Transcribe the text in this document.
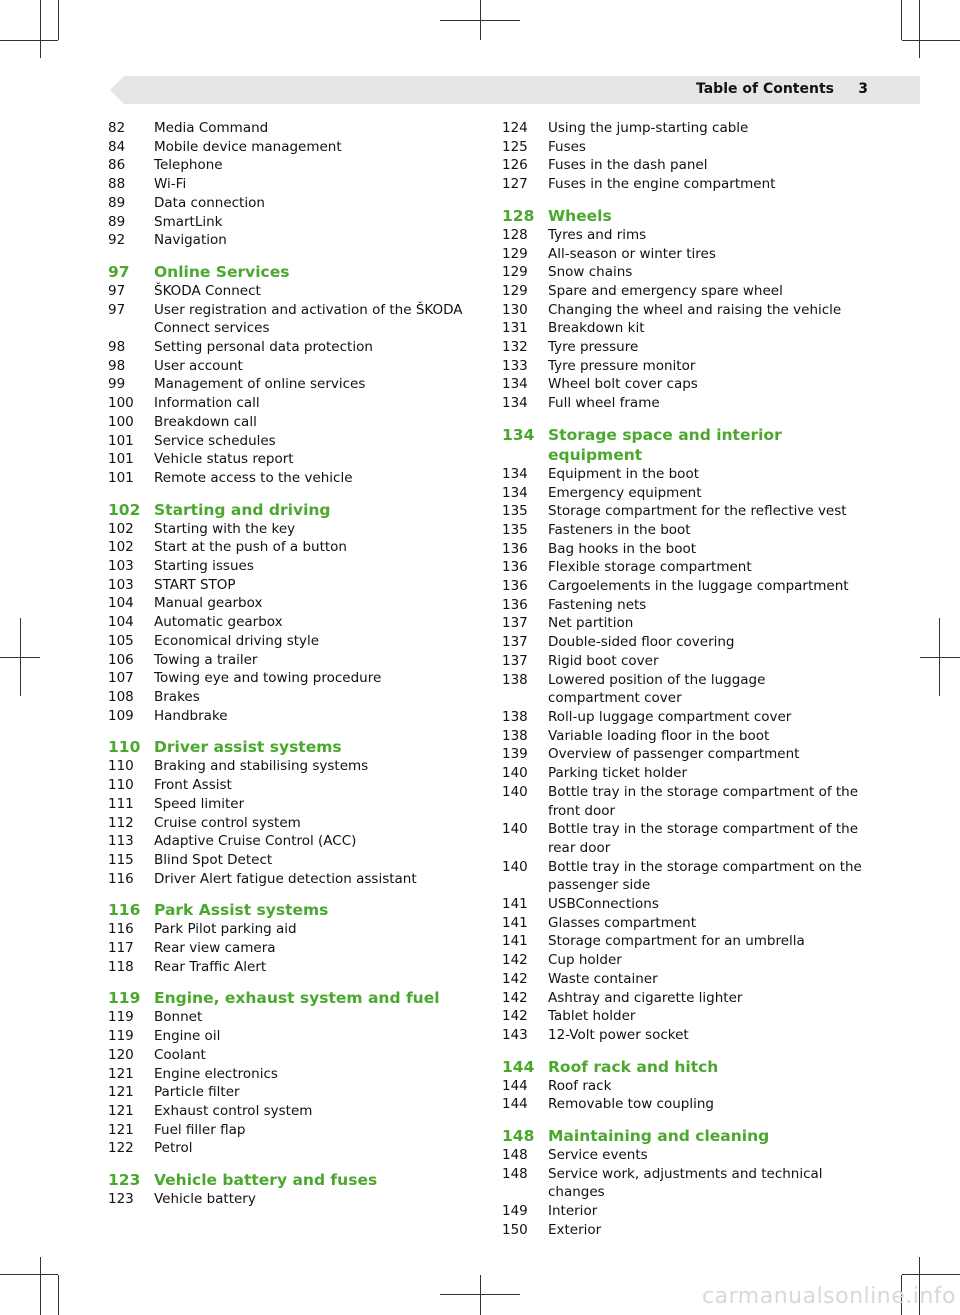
Table of Contents 3
82	Media Command
84	Mobile device management
86	Telephone
88	Wi-Fi
89	Data connection
89	SmartLink
92	Navigation
97	Online Services
97	ŠKODA Connect
97	User registration and activation of the ŠKODA
Connect services
98	Setting personal data protection
98	User account
99	Management of online services
100	Information call
100	Breakdown call
101	Service schedules
101	Vehicle status report
101	Remote access to the vehicle
102 Starting and driving
102	Starting with the key
102	Start at the push of a button
103	Starting issues
103	START STOP
104	Manual gearbox
104	Automatic gearbox
105	Economical driving style
106	Towing a trailer
107	Towing eye and towing procedure
108	Brakes
109	Handbrake
110 Driver assist systems
110	Braking and stabilising systems
110	Front Assist
111	Speed limiter
112	Cruise control system
113	Adaptive Cruise Control (ACC)
115	Blind Spot Detect
116	Driver Alert fatigue detection assistant
116 Park Assist systems
116	Park Pilot parking aid
117	Rear view camera
118	Rear Traffic Alert
119 Engine, exhaust system and fuel
119	Bonnet
119	Engine oil
120	Coolant
121	Engine electronics
121	Particle filter
121	Exhaust control system
121	Fuel filler flap
122	Petrol
123 Vehicle battery and fuses
123	Vehicle battery
124	Using the jump-starting cable
125	Fuses
126	Fuses in the dash panel
127	Fuses in the engine compartment
128 Wheels
128	Tyres and rims
129	All-season or winter tires
129	Snow chains
129	Spare and emergency spare wheel
130	Changing the wheel and raising the vehicle
131	Breakdown kit
132	Tyre pressure
133	Tyre pressure monitor
134	Wheel bolt cover caps
134	Full wheel frame
134 Storage space and interior equipment
134	Equipment in the boot
134	Emergency equipment
135	Storage compartment for the reflective vest
135	Fasteners in the boot
136	Bag hooks in the boot
136	Flexible storage compartment
136	Cargoelements in the luggage compartment
136	Fastening nets
137	Net partition
137	Double-sided floor covering
137	Rigid boot cover
138	Lowered position of the luggage
compartment cover
138	Roll-up luggage compartment cover
138	Variable loading floor in the boot
139	Overview of passenger compartment
140	Parking ticket holder
140	Bottle tray in the storage compartment of the
front door
140	Bottle tray in the storage compartment of the
rear door
140	Bottle tray in the storage compartment on the
passenger side
141	USBConnections
141	Glasses compartment
141	Storage compartment for an umbrella
142	Cup holder
142	Waste container
142	Ashtray and cigarette lighter
142	Tablet holder
143	12-Volt power socket
144 Roof rack and hitch
144	Roof rack
144	Removable tow coupling
148 Maintaining and cleaning
148	Service events
148	Service work, adjustments and technical
changes
149	Interior
150	Exterior
carmanualsonline.info
